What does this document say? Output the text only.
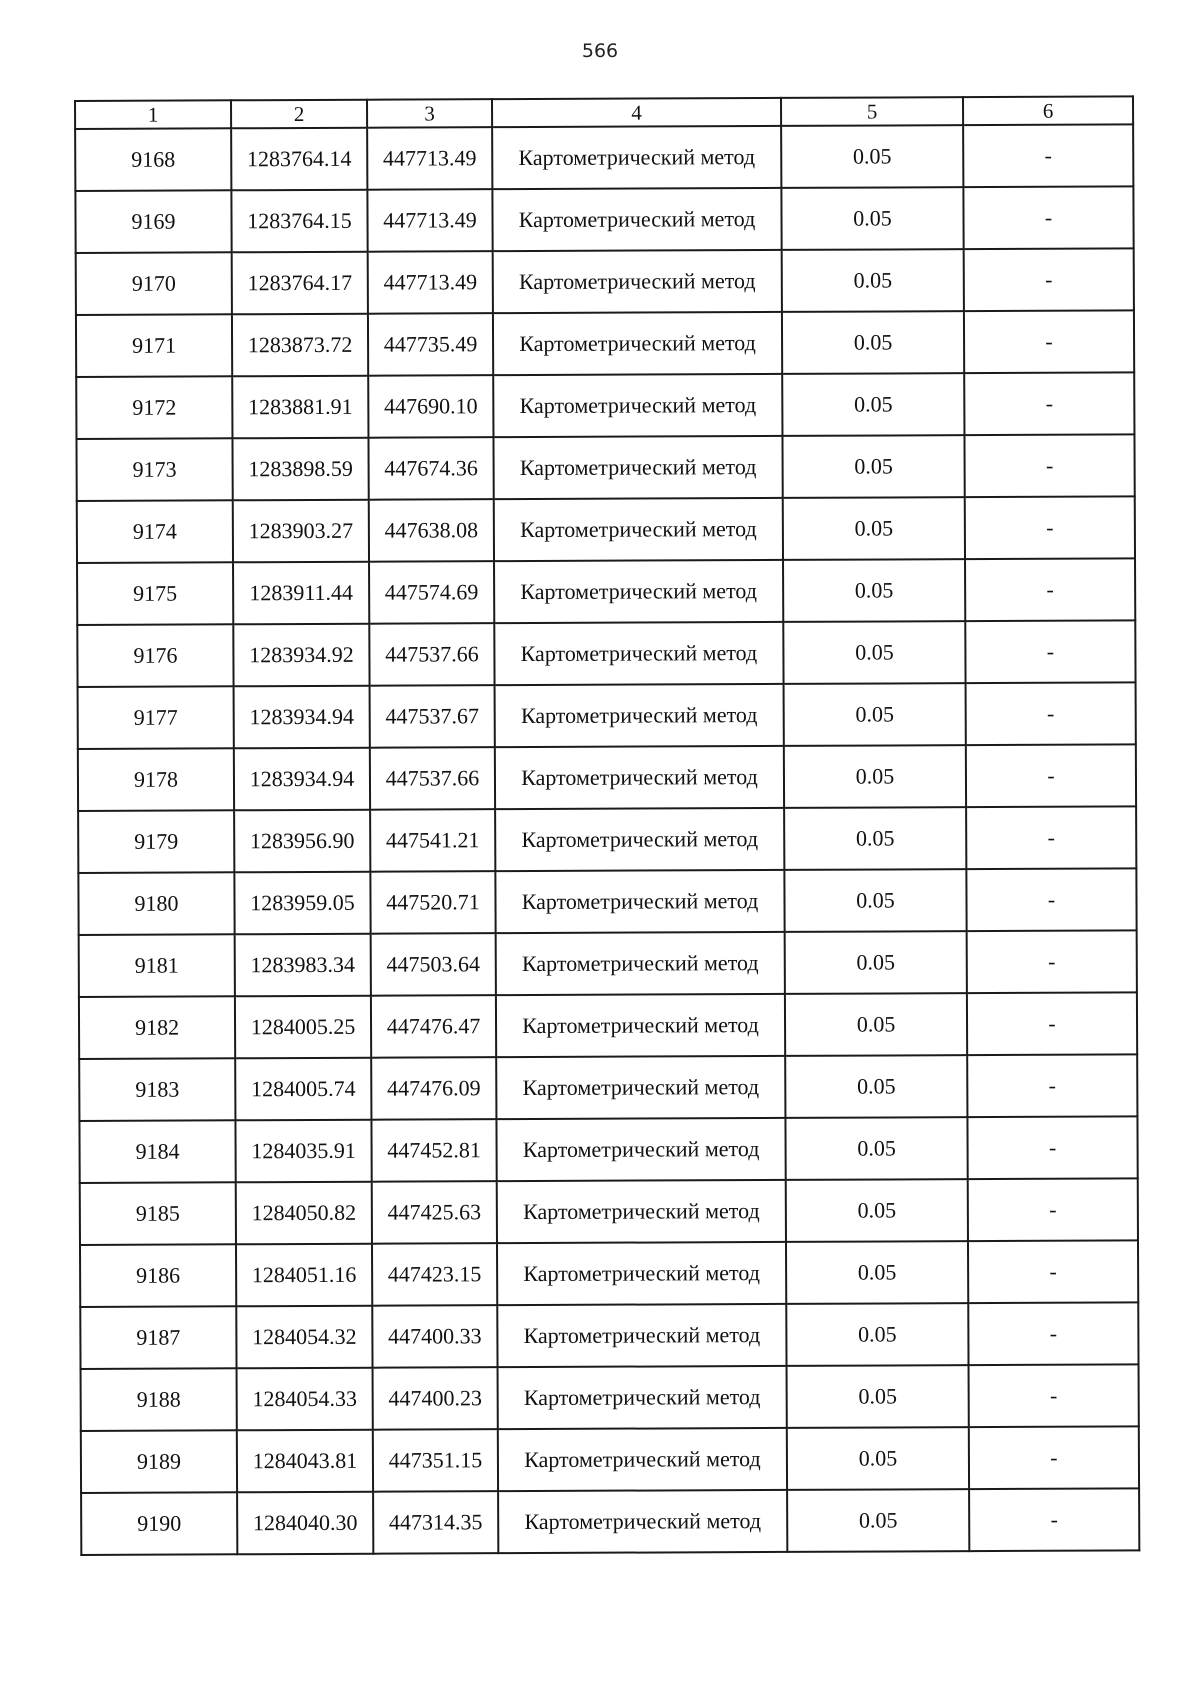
566
1	2	3	4	5	6
9168	1283764.14	447713.49	Картометрический метод	0.05	-
9169	1283764.15	447713.49	Картометрический метод	0.05	-
9170	1283764.17	447713.49	Картометрический метод	0.05	-
9171	1283873.72	447735.49	Картометрический метод	0.05	-
9172	1283881.91	447690.10	Картометрический метод	0.05	-
9173	1283898.59	447674.36	Картометрический метод	0.05	-
9174	1283903.27	447638.08	Картометрический метод	0.05	-
9175	1283911.44	447574.69	Картометрический метод	0.05	-
9176	1283934.92	447537.66	Картометрический метод	0.05	-
9177	1283934.94	447537.67	Картометрический метод	0.05	-
9178	1283934.94	447537.66	Картометрический метод	0.05	-
9179	1283956.90	447541.21	Картометрический метод	0.05	-
9180	1283959.05	447520.71	Картометрический метод	0.05	-
9181	1283983.34	447503.64	Картометрический метод	0.05	-
9182	1284005.25	447476.47	Картометрический метод	0.05	-
9183	1284005.74	447476.09	Картометрический метод	0.05	-
9184	1284035.91	447452.81	Картометрический метод	0.05	-
9185	1284050.82	447425.63	Картометрический метод	0.05	-
9186	1284051.16	447423.15	Картометрический метод	0.05	-
9187	1284054.32	447400.33	Картометрический метод	0.05	-
9188	1284054.33	447400.23	Картометрический метод	0.05	-
9189	1284043.81	447351.15	Картометрический метод	0.05	-
9190	1284040.30	447314.35	Картометрический метод	0.05	-
